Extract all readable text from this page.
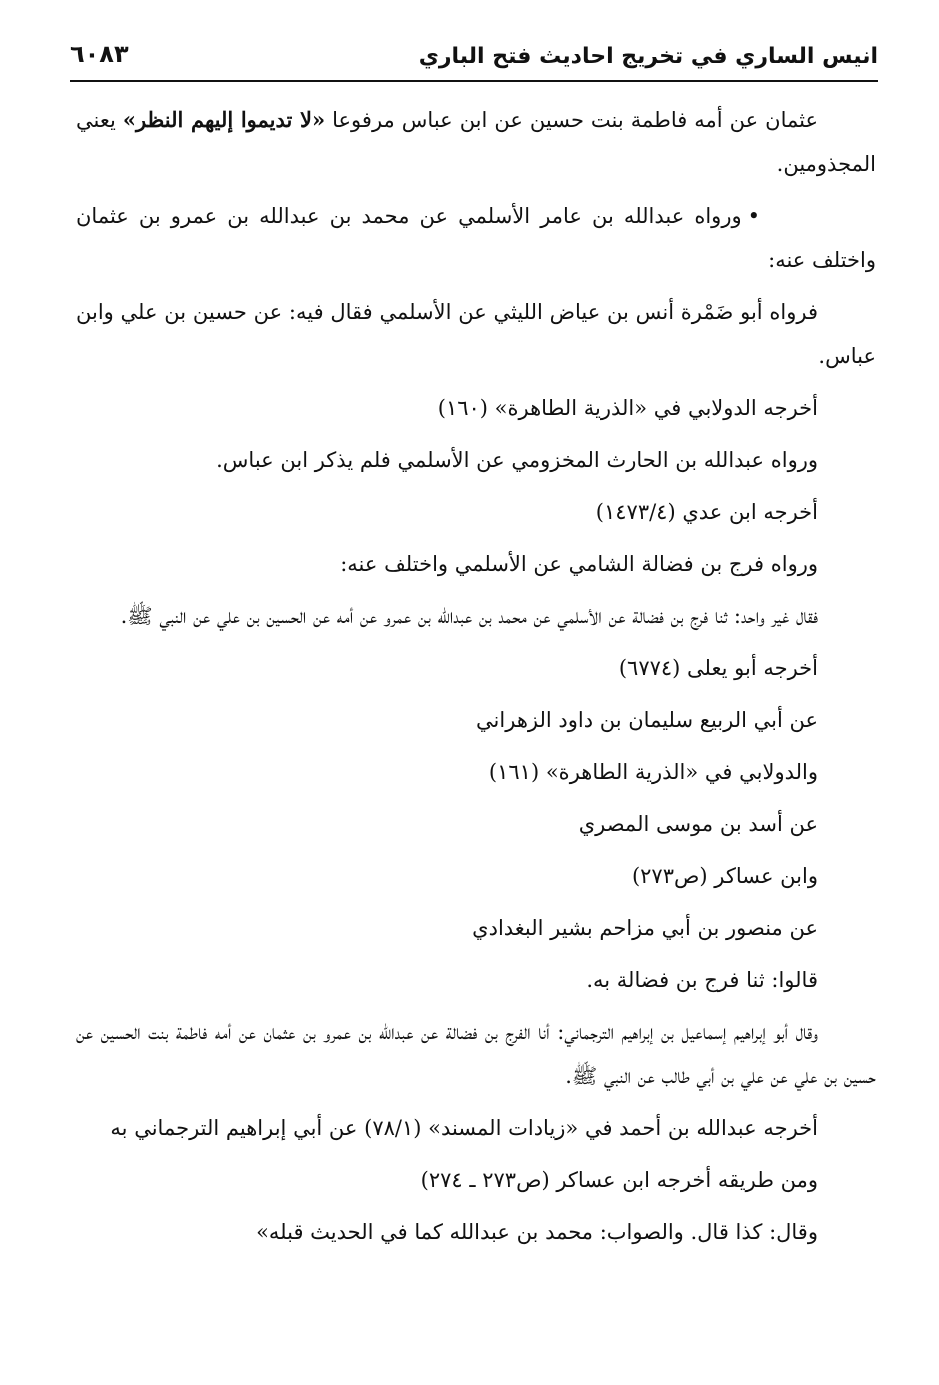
انيس الساري في تخريج احاديث فتح الباري
٦٠٨٣

عثمان عن أمه فاطمة بنت حسين عن ابن عباس مرفوعا «لا تديموا إليهم النظر» يعني المجذومين.

•ورواه عبدالله بن عامر الأسلمي عن محمد بن عبدالله بن عمرو بن عثمان واختلف عنه:

فرواه أبو ضَمْرة أنس بن عياض الليثي عن الأسلمي فقال فيه: عن حسين بن علي وابن عباس.

أخرجه الدولابي في «الذرية الطاهرة» (١٦٠)

ورواه عبدالله بن الحارث المخزومي عن الأسلمي فلم يذكر ابن عباس.

أخرجه ابن عدي (١٤٧٣/٤)

ورواه فرج بن فضالة الشامي عن الأسلمي واختلف عنه:

فقال غير واحد: ثنا فرج بن فضالة عن الأسلمي عن محمد بن عبدالله بن عمرو عن أمه عن الحسين بن علي عن النبي ﷺ.

أخرجه أبو يعلى (٦٧٧٤)

عن أبي الربيع سليمان بن داود الزهراني

والدولابي في «الذرية الطاهرة» (١٦١)

عن أسد بن موسى المصري

وابن عساكر (ص٢٧٣)

عن منصور بن أبي مزاحم بشير البغدادي

قالوا: ثنا فرج بن فضالة به.

وقال أبو إبراهيم إسماعيل بن إبراهيم الترجماني: أنا الفرج بن فضالة عن عبدالله بن عمرو بن عثمان عن أمه فاطمة بنت الحسين عن حسين بن علي عن علي بن أبي طالب عن النبي ﷺ.

أخرجه عبدالله بن أحمد في «زيادات المسند» (٧٨/١) عن أبي إبراهيم الترجماني به

ومن طريقه أخرجه ابن عساكر (ص٢٧٣ ـ ٢٧٤)

وقال: كذا قال. والصواب: محمد بن عبدالله كما في الحديث قبله»
